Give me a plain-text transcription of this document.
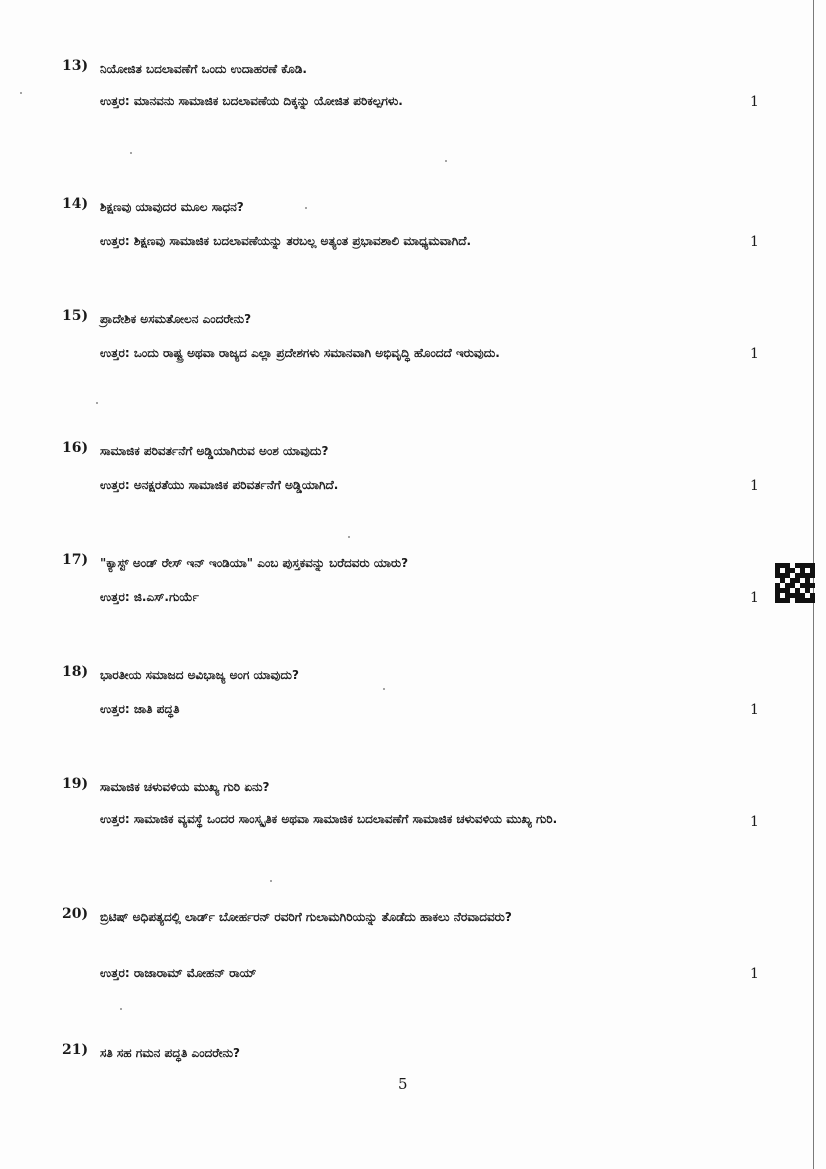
13) ನಿಯೋಜಿತ ಬದಲಾವಣೆಗೆ ಒಂದು ಉದಾಹರಣೆ ಕೊಡಿ.
ಉತ್ತರ: ಮಾನವನು ಸಾಮಾಜಿಕ ಬದಲಾವಣೆಯ ದಿಕ್ಕನ್ನು ಯೋಜಿತ ಪರಿಕಲ್ಪಗಳು.	1
14) ಶಿಕ್ಷಣವು ಯಾವುದರ ಮೂಲ ಸಾಧನ?
ಉತ್ತರ: ಶಿಕ್ಷಣವು ಸಾಮಾಜಿಕ ಬದಲಾವಣೆಯನ್ನು ತರಬಲ್ಲ ಅತ್ಯಂತ ಪ್ರಭಾವಶಾಲಿ ಮಾಧ್ಯಮವಾಗಿದೆ.	1
15) ಪ್ರಾದೇಶಿಕ ಅಸಮತೋಲನ ಎಂದರೇನು?
ಉತ್ತರ: ಒಂದು ರಾಷ್ಟ್ರ ಅಥವಾ ರಾಜ್ಯದ ಎಲ್ಲಾ ಪ್ರದೇಶಗಳು ಸಮಾನವಾಗಿ ಅಭಿವೃದ್ಧಿ ಹೊಂದದೆ ಇರುವುದು.	1
16) ಸಾಮಾಜಿಕ ಪರಿವರ್ತನೆಗೆ ಅಡ್ಡಿಯಾಗಿರುವ ಅಂಶ ಯಾವುದು?
ಉತ್ತರ: ಅನಕ್ಷರತೆಯು ಸಾಮಾಜಿಕ ಪರಿವರ್ತನೆಗೆ ಅಡ್ಡಿಯಾಗಿದೆ.	1
17) "ಕ್ಯಾಸ್ಟ್ ಅಂಡ್ ರೇಸ್ ಇನ್ ಇಂಡಿಯಾ" ಎಂಬ ಪುಸ್ತಕವನ್ನು ಬರೆದವರು ಯಾರು?
ಉತ್ತರ: ಜಿ.ಎಸ್.ಗುರ್ಯೆ	1
18) ಭಾರತೀಯ ಸಮಾಜದ ಅವಿಭಾಜ್ಯ ಅಂಗ ಯಾವುದು?
ಉತ್ತರ: ಜಾತಿ ಪದ್ಧತಿ	1
19) ಸಾಮಾಜಿಕ ಚಳುವಳಿಯ ಮುಖ್ಯ ಗುರಿ ಏನು?
ಉತ್ತರ: ಸಾಮಾಜಿಕ ವ್ಯವಸ್ಥೆ ಒಂದರ ಸಾಂಸ್ಕೃತಿಕ ಅಥವಾ ಸಾಮಾಜಿಕ ಬದಲಾವಣೆಗೆ ಸಾಮಾಜಿಕ ಚಳುವಳಿಯ ಮುಖ್ಯ ಗುರಿ.	1
20) ಬ್ರಿಟಿಷ್ ಅಧಿಪತ್ಯದಲ್ಲಿ ಲಾರ್ಡ್ ಬೋರ್ಹರನ್ ರವರಿಗೆ ಗುಲಾಮಗಿರಿಯನ್ನು ತೊಡೆದು ಹಾಕಲು ನೆರವಾದವರು?
ಉತ್ತರ: ರಾಜಾರಾಮ್ ಮೋಹನ್ ರಾಯ್	1
21) ಸತಿ ಸಹ ಗಮನ ಪದ್ಧತಿ ಎಂದರೇನು?
5
